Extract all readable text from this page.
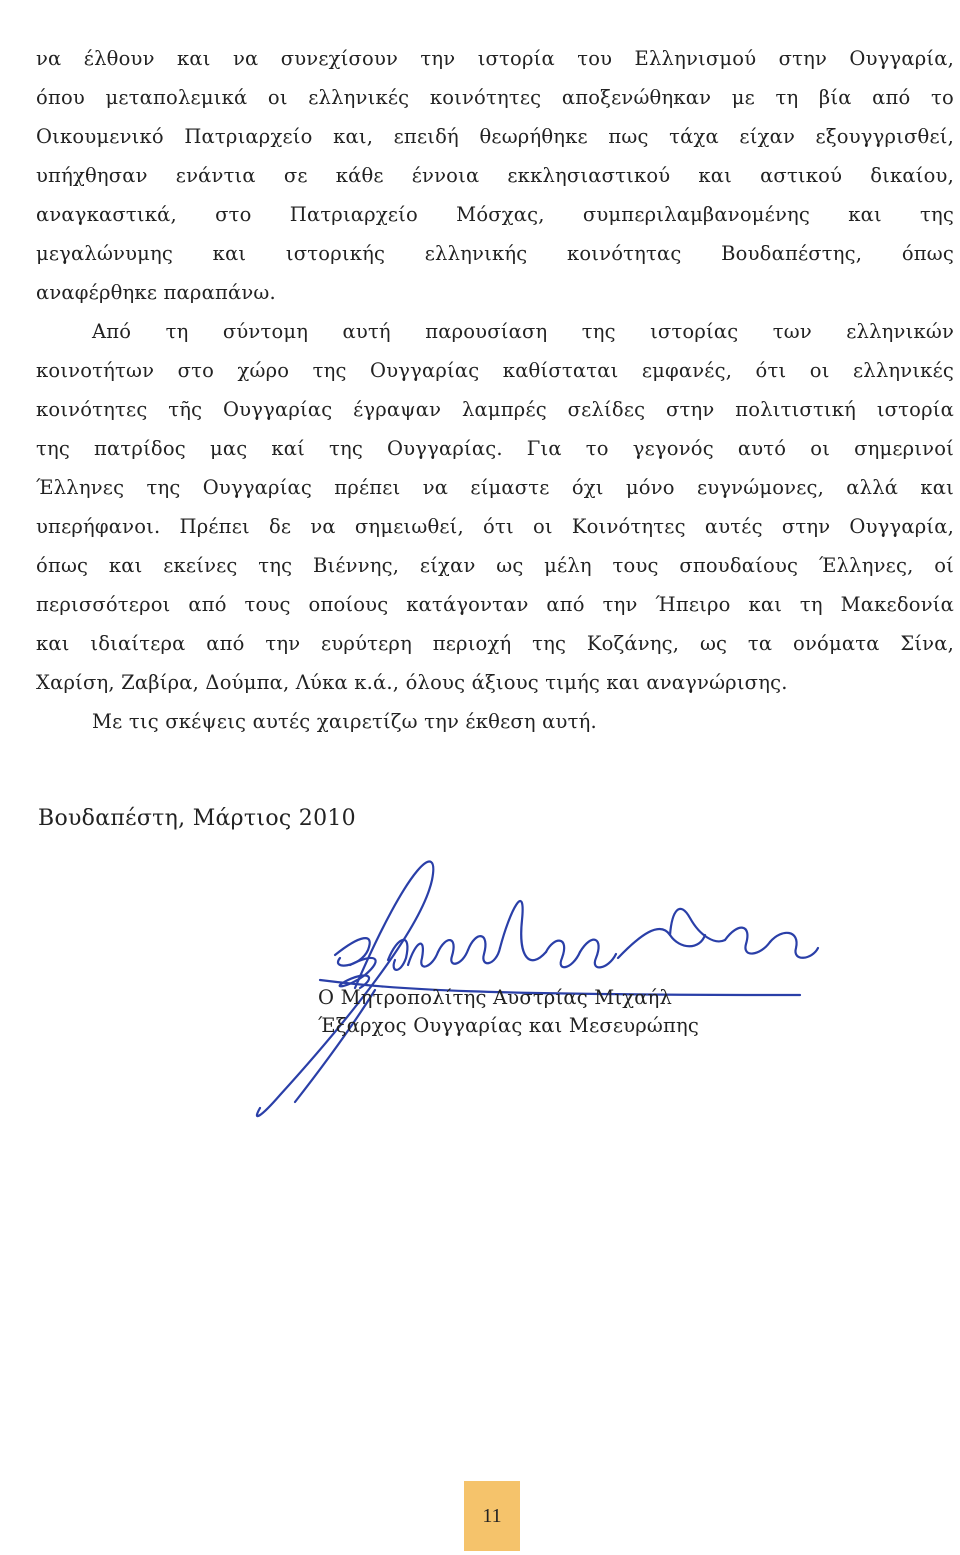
να έλθουν και να συνεχίσουν την ιστορία του Ελληνισμού στην Ουγγαρία,
όπου μεταπολεμικά οι ελληνικές κοινότητες αποξενώθηκαν με τη βία από το
Οικουμενικό Πατριαρχείο και, επειδή θεωρήθηκε πως τάχα είχαν εξουγγρισθεί,
υπήχθησαν ενάντια σε κάθε έννοια εκκλησιαστικού και αστικού δικαίου,
αναγκαστικά, στο Πατριαρχείο Μόσχας, συμπεριλαμβανομένης και της
μεγαλώνυμης και ιστορικής ελληνικής κοινότητας Βουδαπέστης, όπως
αναφέρθηκε παραπάνω.
Από τη σύντομη αυτή παρουσίαση της ιστορίας των ελληνικών
κοινοτήτων στο χώρο της Ουγγαρίας καθίσταται εμφανές, ότι οι ελληνικές
κοινότητες τῆς Ουγγαρίας έγραψαν λαμπρές σελίδες στην πολιτιστική ιστορία
της πατρίδος μας καί της Ουγγαρίας. Για το γεγονός αυτό οι σημερινοί
Έλληνες της Ουγγαρίας πρέπει να είμαστε όχι μόνο ευγνώμονες, αλλά και
υπερήφανοι. Πρέπει δε να σημειωθεί, ότι οι Κοινότητες αυτές στην Ουγγαρία,
όπως και εκείνες της Βιέννης, είχαν ως μέλη τους σπουδαίους Έλληνες, οί
περισσότεροι από τους οποίους κατάγονταν από την Ήπειρο και τη Μακεδονία
και ιδιαίτερα από την ευρύτερη περιοχή της Κοζάνης, ως τα ονόματα Σίνα,
Χαρίση, Ζαβίρα, Δούμπα, Λύκα κ.ά., όλους άξιους τιμής και αναγνώρισης.
Με τις σκέψεις αυτές χαιρετίζω την έκθεση αυτή.
Βουδαπέστη, Μάρτιος 2010
Ο Μητροπολίτης Αυστρίας Μιχαήλ
Έξαρχος Ουγγαρίας και Μεσευρώπης
11
